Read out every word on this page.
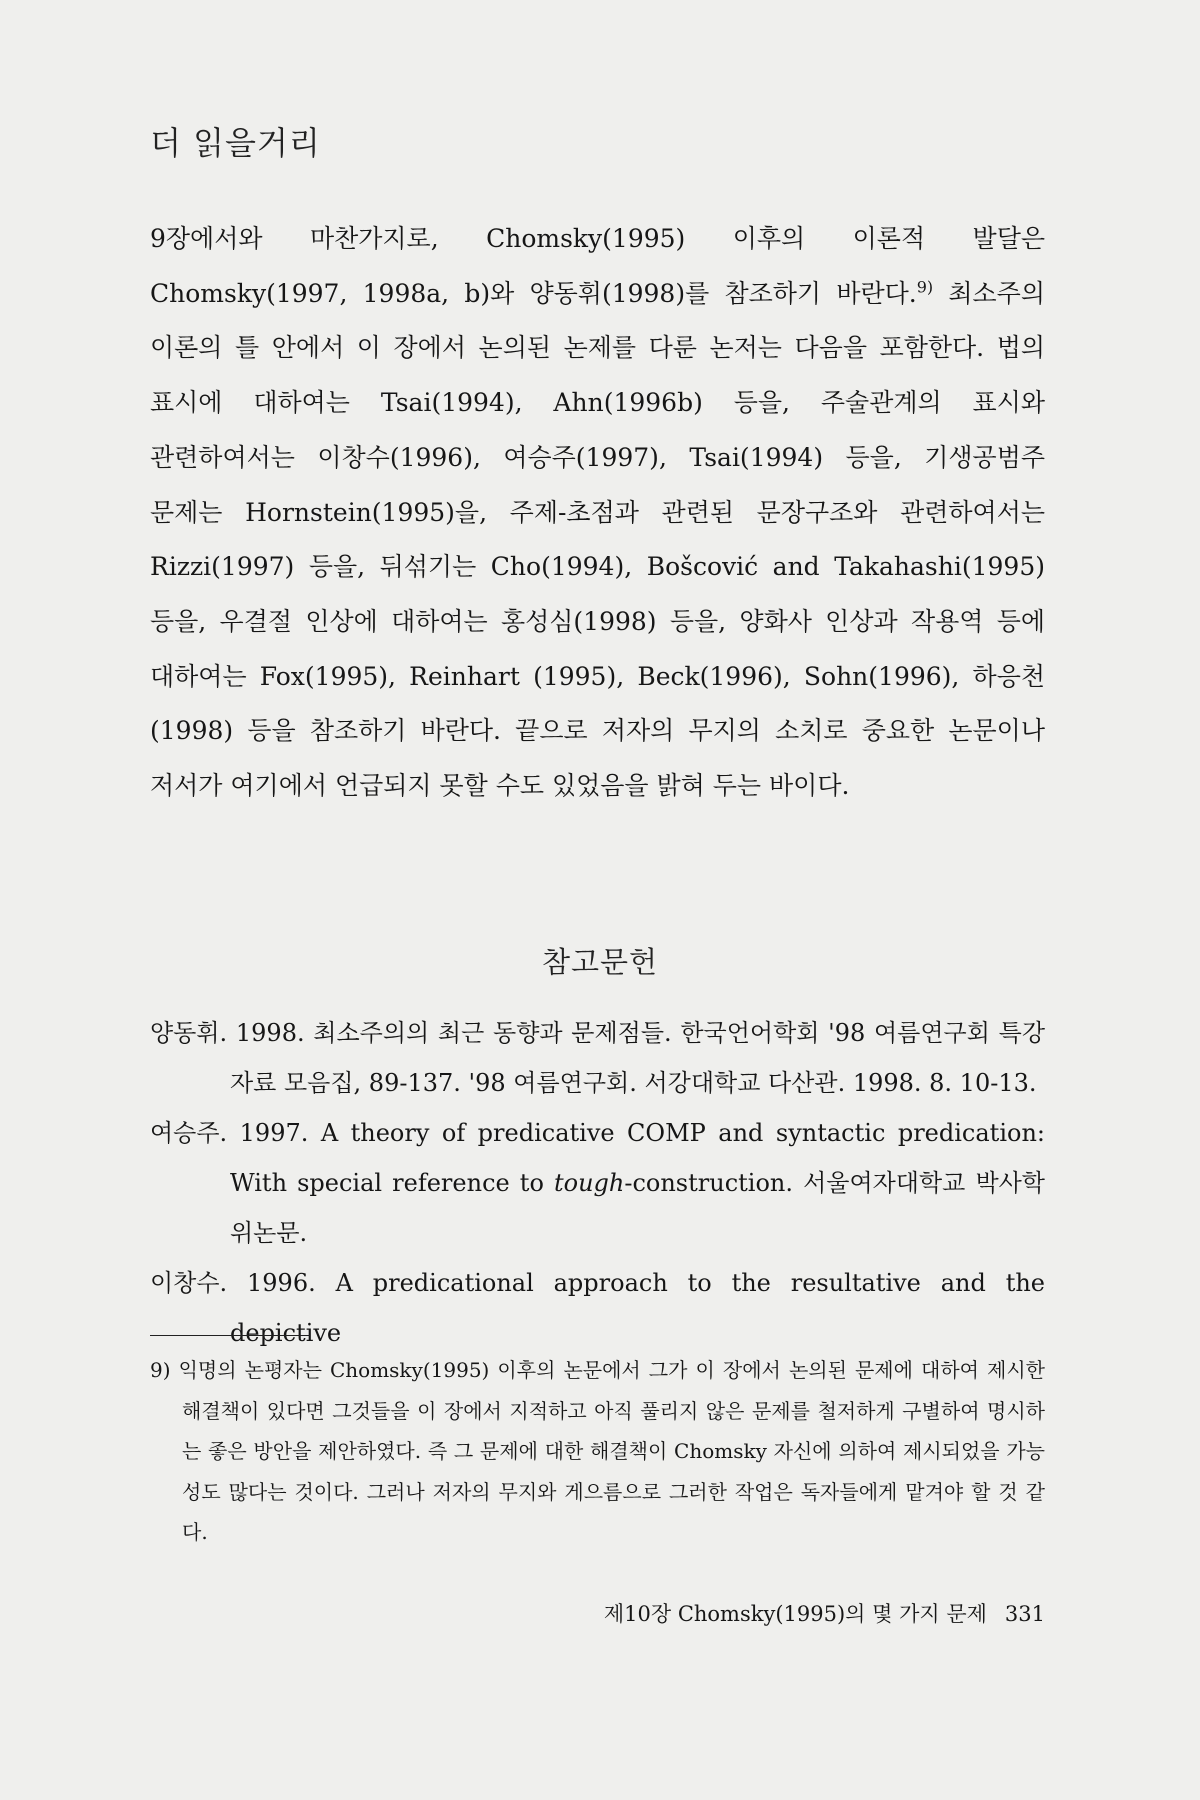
더 읽을거리

9장에서와 마찬가지로, Chomsky(1995) 이후의 이론적 발달은 Chomsky(1997, 1998a, b)와 양동휘(1998)를 참조하기 바란다.$^{9)}$ 최소주의 이론의 틀 안에서 이 장에서 논의된 논제를 다룬 논저는 다음을 포함한다. 법의 표시에 대하여는 Tsai(1994), Ahn(1996b) 등을, 주술관계의 표시와 관련하여서는 이창수(1996), 여승주(1997), Tsai(1994) 등을, 기생공범주 문제는 Hornstein(1995)을, 주제-초점과 관련된 문장구조와 관련하여서는 Rizzi(1997) 등을, 뒤섞기는 Cho(1994), Bošcović and Takahashi(1995) 등을, 우결절 인상에 대하여는 홍성심(1998) 등을, 양화사 인상과 작용역 등에 대하여는 Fox(1995), Reinhart (1995), Beck(1996), Sohn(1996), 하응천(1998) 등을 참조하기 바란다. 끝으로 저자의 무지의 소치로 중요한 논문이나 저서가 여기에서 언급되지 못할 수도 있었음을 밝혀 두는 바이다.

참고문헌
양동휘. 1998. 최소주의의 최근 동향과 문제점들. 한국언어학회 '98 여름연구회 특강자료 모음집, 89-137. '98 여름연구회. 서강대학교 다산관. 1998. 8. 10-13.
여승주. 1997. A theory of predicative COMP and syntactic predication: With special reference to tough-construction. 서울여자대학교 박사학위논문.
이창수. 1996. A predicational approach to the resultative and the depictive
9) 익명의 논평자는 Chomsky(1995) 이후의 논문에서 그가 이 장에서 논의된 문제에 대하여 제시한 해결책이 있다면 그것들을 이 장에서 지적하고 아직 풀리지 않은 문제를 철저하게 구별하여 명시하는 좋은 방안을 제안하였다. 즉 그 문제에 대한 해결책이 Chomsky 자신에 의하여 제시되었을 가능성도 많다는 것이다. 그러나 저자의 무지와 게으름으로 그러한 작업은 독자들에게 맡겨야 할 것 같다.
제10장 Chomsky(1995)의 몇 가지 문제 331
